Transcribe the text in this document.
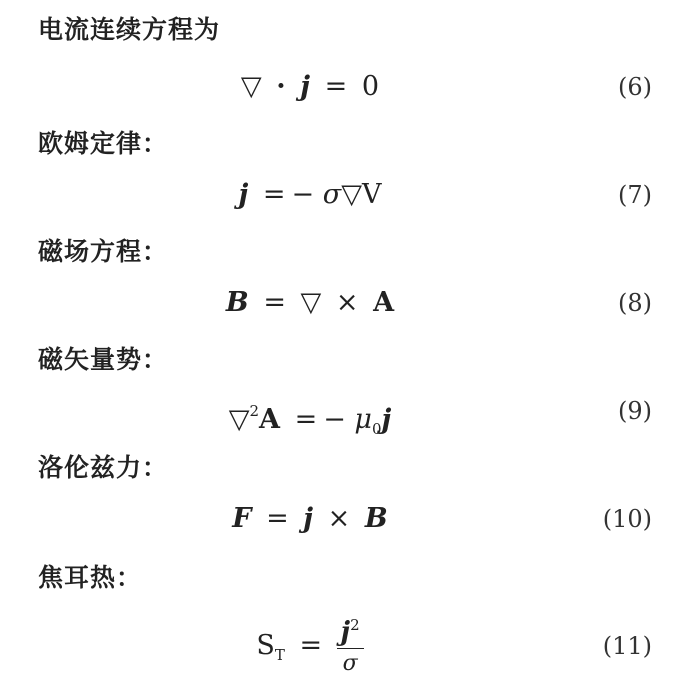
电流连续方程为
▽ · j = 0	(6)
欧姆定律：
j = − σ▽V	(7)
磁场方程：
B = ▽ × A	(8)
磁矢量势：
▽$^2$A = − $\mu_0j$	(9)
洛伦兹力：
F = j × B	(10)
焦耳热：
$S_T = \frac{j^2}{\sigma}$	(11)
